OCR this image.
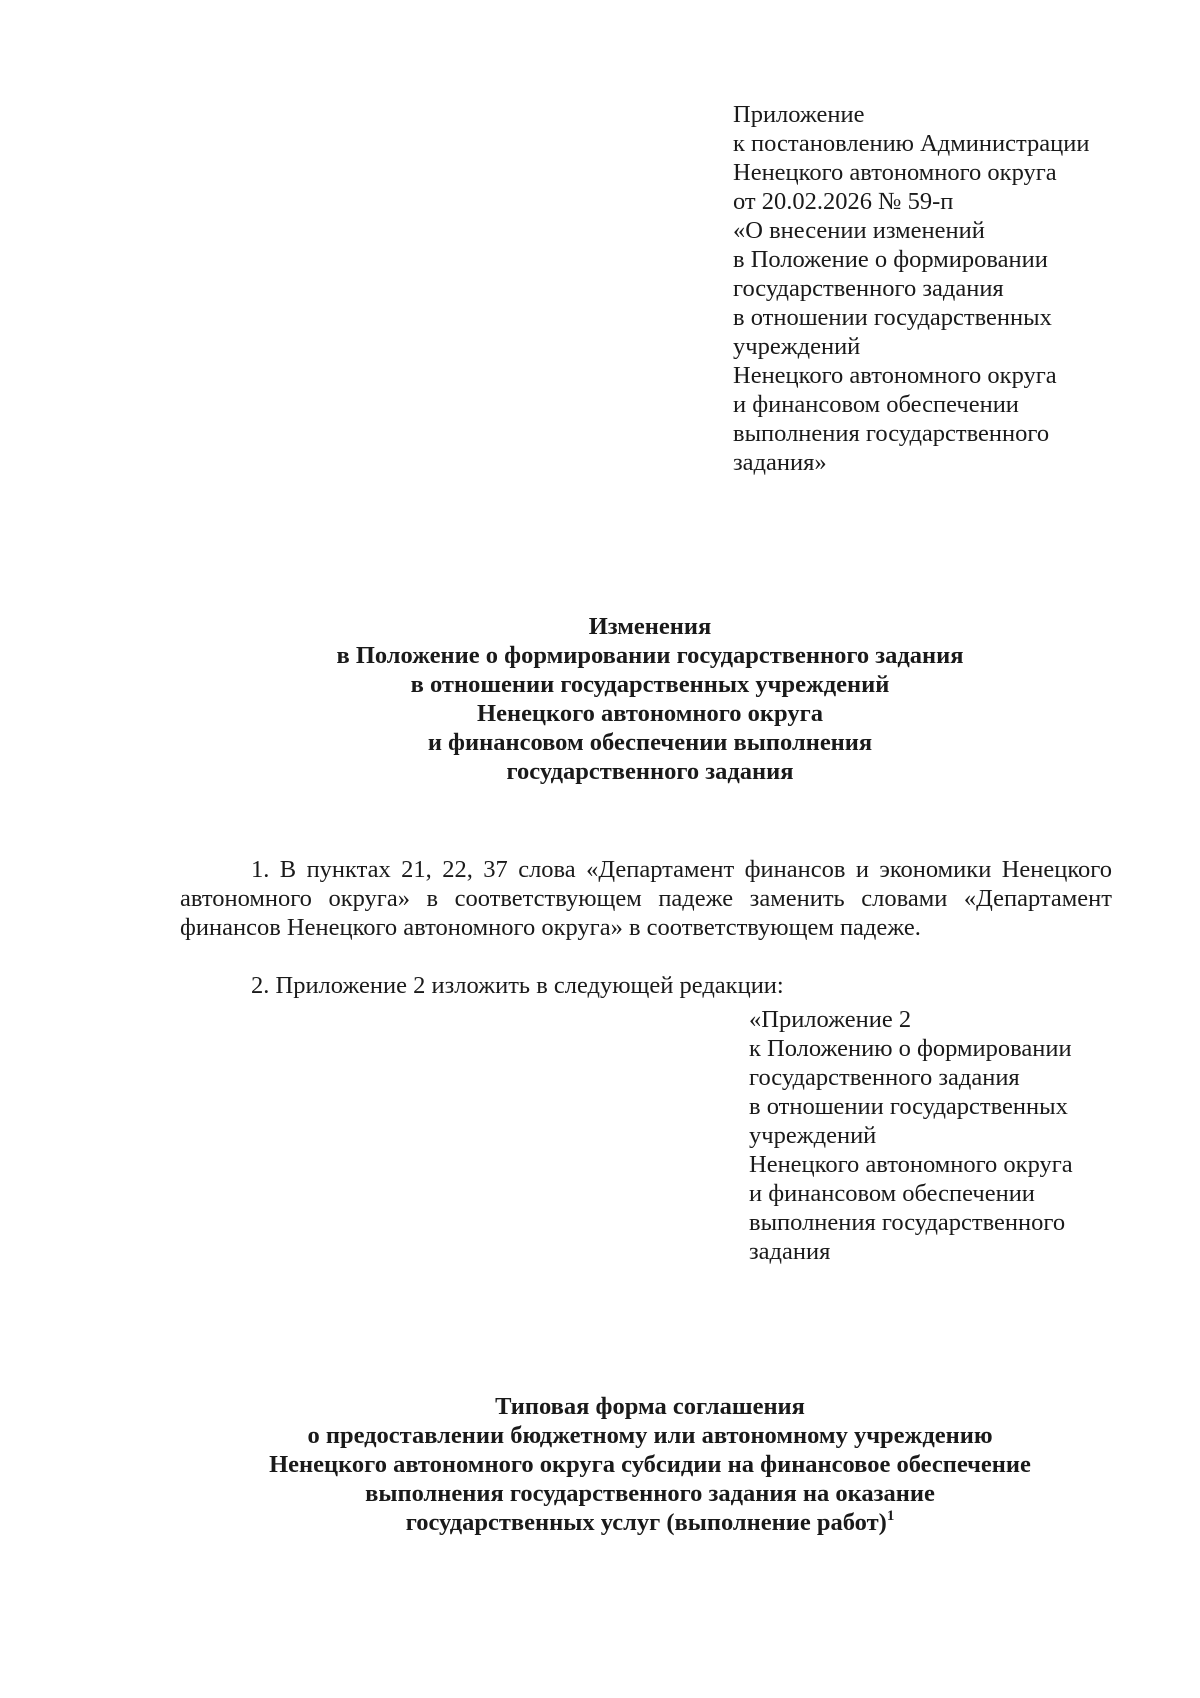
Приложение
к постановлению Администрации
Ненецкого автономного округа
от 20.02.2026 № 59-п
«О внесении изменений
в Положение о формировании
государственного задания
в отношении государственных
учреждений
Ненецкого автономного округа
и финансовом обеспечении
выполнения государственного
задания»
Изменения
в Положение о формировании государственного задания
в отношении государственных учреждений
Ненецкого автономного округа
и финансовом обеспечении выполнения
государственного задания

1. В пунктах 21, 22, 37 слова «Департамент финансов и экономики Ненецкого автономного округа» в соответствующем падеже заменить словами «Департамент финансов Ненецкого автономного округа» в соответствующем падеже.

2. Приложение 2 изложить в следующей редакции:

«Приложение 2
к Положению о формировании
государственного задания
в отношении государственных
учреждений
Ненецкого автономного округа
и финансовом обеспечении
выполнения государственного
задания
Типовая форма соглашения
о предоставлении бюджетному или автономному учреждению
Ненецкого автономного округа субсидии на финансовое обеспечение
выполнения государственного задания на оказание
государственных услуг (выполнение работ)$^1$
